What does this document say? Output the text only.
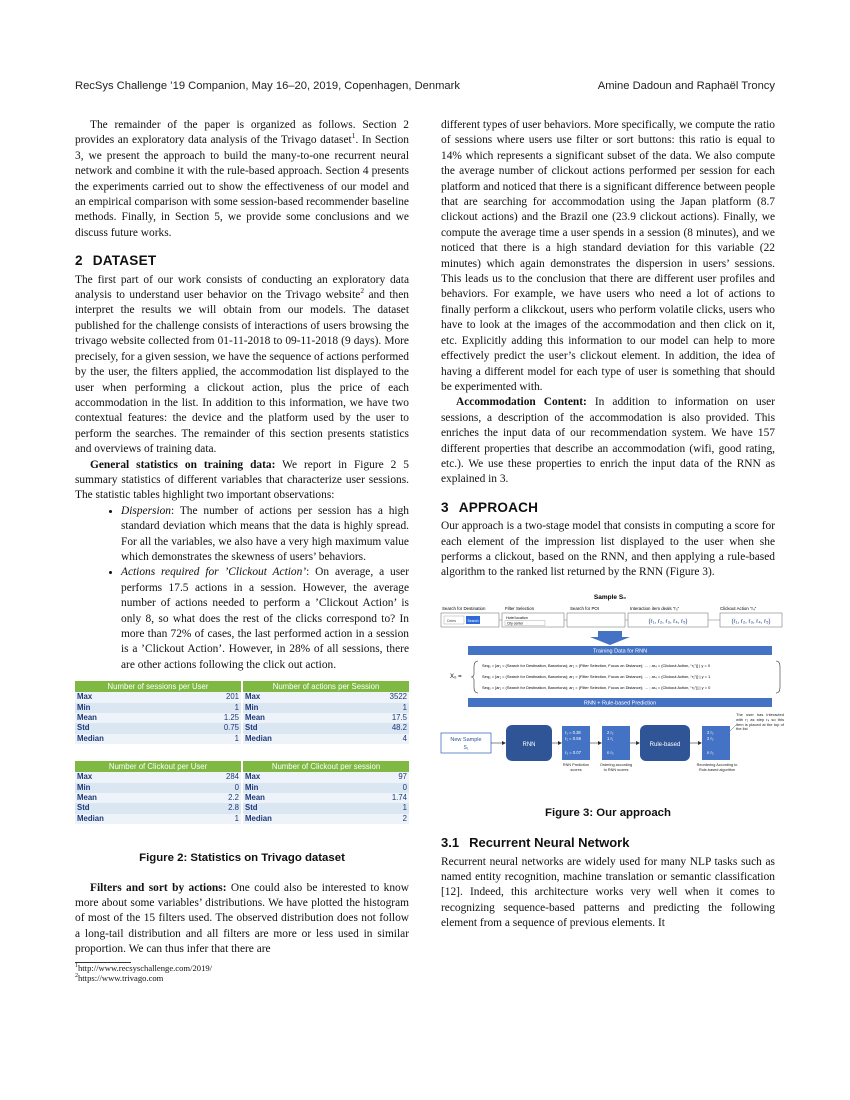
RecSys Challenge ’19 Companion, May 16–20, 2019, Copenhagen, Denmark	Amine Dadoun and Raphaël Troncy

The remainder of the paper is organized as follows. Section 2 provides an exploratory data analysis of the Trivago dataset$^1$. In Section 3, we present the approach to build the many-to-one recurrent neural network and combine it with the rule-based approach. Section 4 presents the experiments carried out to show the effectiveness of our model and an empirical comparison with some session-based recommender baseline methods. Finally, in Section 5, we provide some conclusions and we discuss future works.

2 DATASET

The first part of our work consists of conducting an exploratory data analysis to understand user behavior on the Trivago website$^2$ and then interpret the results we will obtain from our models. The dataset published for the challenge consists of interactions of users browsing the trivago website collected from 01-11-2018 to 09-11-2018 (9 days). More precisely, for a given session, we have the sequence of actions performed by the user, the filters applied, the accommodation list displayed to the user when performing a clickout action, plus the price of each accommodation in the list. In addition to this information, we have two contextual features: the device and the platform used by the user to perform the searches. The remainder of this section presents statistics and overviews of training data.

General statistics on training data: We report in Figure 2 5 summary statistics of different variables that characterize user sessions. The statistic tables highlight two important observations:

• Dispersion: The number of actions per session has a high standard deviation which means that the data is highly spread. For all the variables, we also have a very high maximum value which demonstrates the skewness of users’ behaviors.
• Actions required for ’Clickout Action’: On average, a user performs 17.5 actions in a session. However, the average number of actions needed to perform a ’Clickout Action’ is only 8, so what does the rest of the clicks correspond to? In more than 72% of cases, the last performed action in a session is a ’Clickout Action’. However, in 28% of all sessions, there are other actions following the click out action.
Number of sessions per User
Max	201
Min	1
Mean	1.25
Std	0.75
Median	1
Number of actions per Session
Max	3522
Min	1
Mean	17.5
Std	48.2
Median	4
Number of Clickout per User
Max	284
Min	0
Mean	2.2
Std	2.8
Median	1
Number of Clickout per session
Max	97
Min	0
Mean	1.74
Std	1
Median	2
Figure 2: Statistics on Trivago dataset

Filters and sort by actions: One could also be interested to know more about some variables’ distributions. We have plotted the histogram of most of the 15 filters used. The observed distribution does not follow a long-tail distribution and all filters are more or less used in similar proportion. We can thus infer that there are

$^1$http://www.recsyschallenge.com/2019/
$^2$https://www.trivago.com

different types of user behaviors. More specifically, we compute the ratio of sessions where users use filter or sort buttons: this ratio is equal to 14% which represents a significant subset of the data. We also compute the average number of clickout actions performed per session for each platform and noticed that there is a significant difference between people that are searching for accommodation using the Japan platform (8.7 clickout actions) and the Brazil one (23.9 clickout actions). Finally, we compute the average time a user spends in a session (8 minutes), and we noticed that there is a high standard deviation for this variable (22 minutes) which again demonstrates the dispersion in users’ sessions. This leads us to the conclusion that there are different user profiles and behaviors. For example, we have users who need a lot of actions to finally perform a clikckout, users who perform volatile clicks, users who have to look at the images of the accommodation and then click on it, etc. Explicitly adding this information to our model can help to more effectively predict the user’s clickout element. In addition, the idea of having a different model for each type of user is something that should be experimented with.

Accommodation Content: In addition to information on user sessions, a description of the accommodation is also provided. This enriches the input data of our recommendation system. We have 157 different properties that describe an accommodation (wifi, good rating, etc.). We use these properties to enrich the input data of the RNN as explained in 3.

3 APPROACH

Our approach is a two-stage model that consists in computing a score for each element of the impression list displayed to the user when she performs a clickout, based on the RNN, and then applying a rule-based algorithm to the ranked list returned by the RNN (Figure 3).

Sample S₀
Search for Destination	Filter Selection	Search for POI	Interaction item deals “r₃”	Clickout Action “r₄”
Dates	Search
Hotel location
City center	(r₁, r₂, r₃, r₄, r₅)	(r₁, r₂, r₃, r₄, r₅)
Training Data for RNN
X₀ =
Seq₀ = [ar₁ = (Search for Destination, Barcelona); ar₂ = (Filter Selection, Focus on Distance); … ; ar₄ = (Clickout Action, “r₁”)] | y = 0
Seq₀ = [ar₁ = (Search for Destination, Barcelona); ar₂ = (Filter Selection, Focus on Distance); … ; ar₄ = (Clickout Action, “r₂”)] | y = 1
Seq₀ = [ar₁ = (Search for Destination, Barcelona); ar₂ = (Filter Selection, Focus on Distance); … ; ar₄ = (Clickout Action, “r₅”)] | y = 0
RNN + Rule-based Prediction
New Sample
S₁	RNN
r₁ = 0.38
r₂ = 0.56
r₃ = 0.07
2 r₂
1 r₁
n r₃
Rule-based
2 r₂
2 r₂
n r₃
The user has interacted with r₂ as step r₄ so this item is placed at the top of the list
RNN Prediction scores
Ordering according to RNN scores
Reordering According to Rule-based algorithm
Figure 3: Our approach
3.1 Recurrent Neural Network

Recurrent neural networks are widely used for many NLP tasks such as named entity recognition, machine translation or semantic classification [12]. Indeed, this architecture works very well when it comes to recognizing sequence-based patterns and predicting the following element from a sequence of previous elements. It
